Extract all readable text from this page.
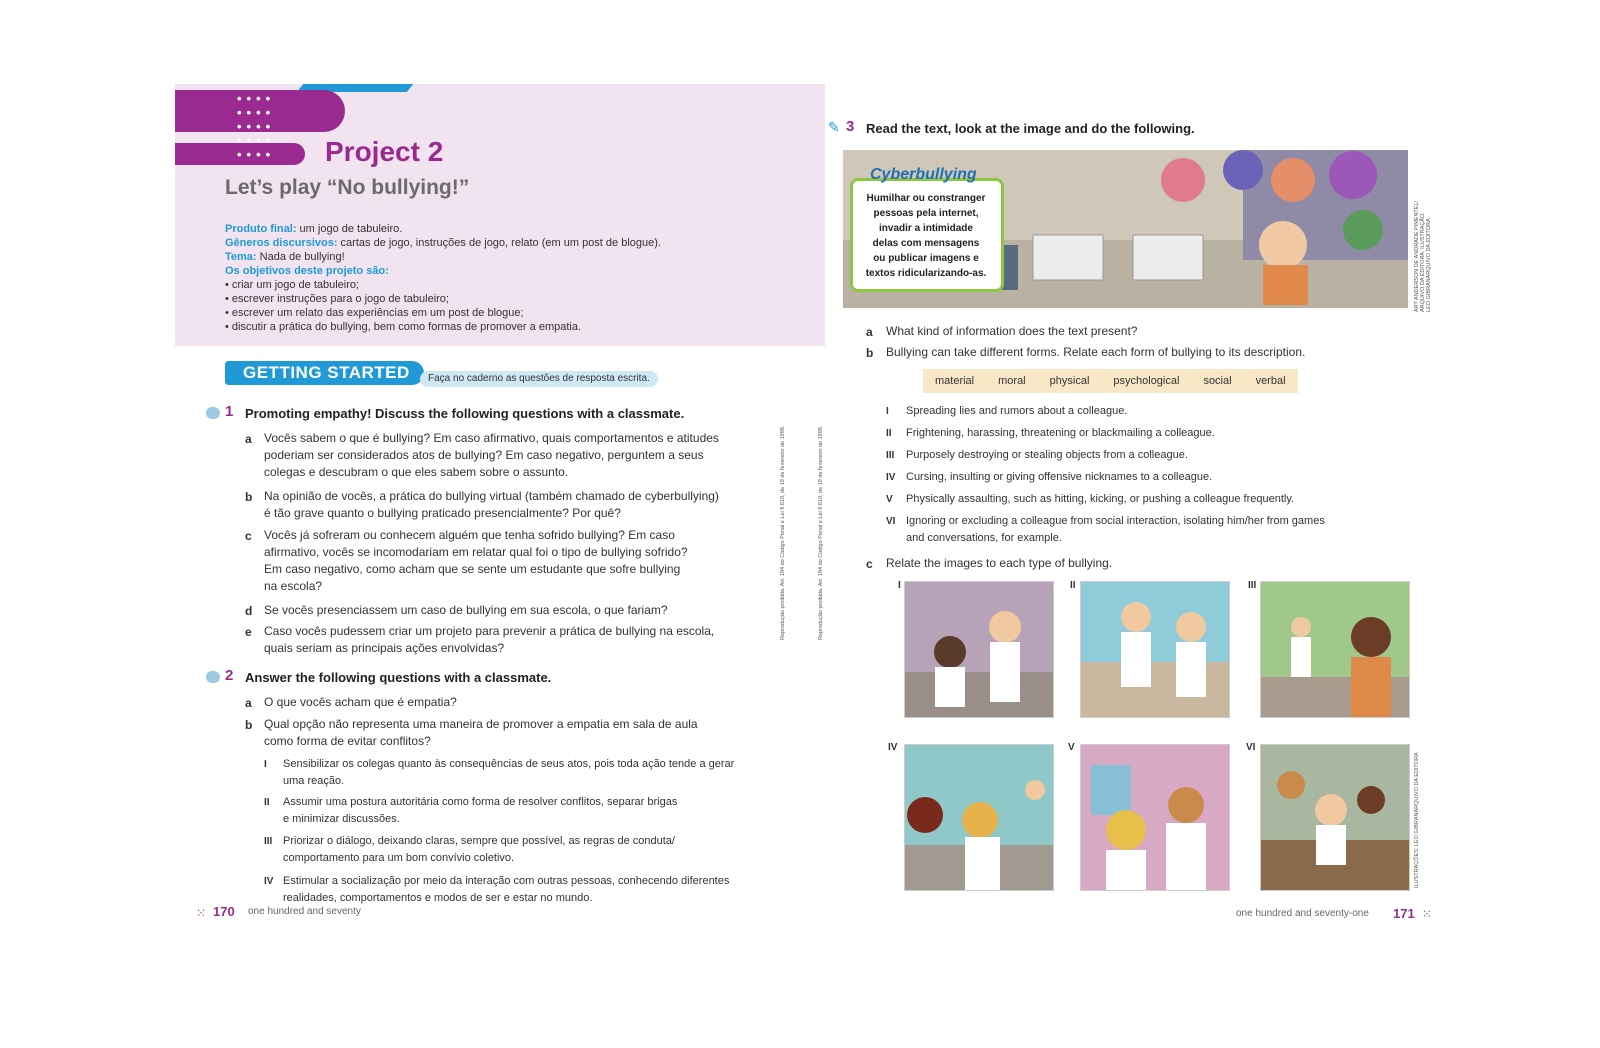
••••
••••
••••
••••
•••• Project 2
Let’s play “No bullying!”
Produto final: um jogo de tabuleiro.
Gêneros discursivos: cartas de jogo, instruções de jogo, relato (em um post de blogue).
Tema: Nada de bullying!
Os objetivos deste projeto são:
• criar um jogo de tabuleiro;
• escrever instruções para o jogo de tabuleiro;
• escrever um relato das experiências em um post de blogue;
• discutir a prática do bullying, bem como formas de promover a empatia.
GETTING STARTED	Faça no caderno as questões de resposta escrita.
1 Promoting empathy! Discuss the following questions with a classmate.
a Vocês sabem o que é bullying? Em caso afirmativo, quais comportamentos e atitudes
poderiam ser considerados atos de bullying? Em caso negativo, perguntem a seus
colegas e descubram o que eles sabem sobre o assunto.
b Na opinião de vocês, a prática do bullying virtual (também chamado de cyberbullying)
é tão grave quanto o bullying praticado presencialmente? Por quê?
c Vocês já sofreram ou conhecem alguém que tenha sofrido bullying? Em caso
afirmativo, vocês se incomodariam em relatar qual foi o tipo de bullying sofrido?
Em caso negativo, como acham que se sente um estudante que sofre bullying
na escola?
d Se vocês presenciassem um caso de bullying em sua escola, o que fariam?
e Caso vocês pudessem criar um projeto para prevenir a prática de bullying na escola,
quais seriam as principais ações envolvidas?
2 Answer the following questions with a classmate.
a O que vocês acham que é empatia?
b Qual opção não representa uma maneira de promover a empatia em sala de aula
como forma de evitar conflitos?
I Sensibilizar os colegas quanto às consequências de seus atos, pois toda ação tende a gerar
uma reação.
II Assumir uma postura autoritária como forma de resolver conflitos, separar brigas
e minimizar discussões.
III Priorizar o diálogo, deixando claras, sempre que possível, as regras de conduta/
comportamento para um bom convívio coletivo.
IV Estimular a socialização por meio da interação com outras pessoas, conhecendo diferentes
realidades, comportamentos e modos de ser e estar no mundo.
Reprodução proibida. Art. 184 do Código Penal e Lei 9.610, de 19 de fevereiro de 1998.	Reprodução proibida. Art. 184 do Código Penal e Lei 9.610, de 19 de fevereiro de 1998.
⁙ 170 one hundred and seventy
✎ 3 Read the text, look at the image and do the following.
Cyberbullying
Humilhar ou constranger
pessoas pela internet,
invadir a intimidade
delas com mensagens
ou publicar imagens e
textos ridicularizando-as.	ART ANDERSON DE ANDRADE PIMENTEL/ ARQUIVO DA EDITORA; ILUSTRAÇÃO: LEO GIBRANARQUIVO DA EDITORA
a What kind of information does the text present?
b Bullying can take different forms. Relate each form of bullying to its description.
material moral physical psychological social verbal
I Spreading lies and rumors about a colleague.
II Frightening, harassing, threatening or blackmailing a colleague.
III Purposely destroying or stealing objects from a colleague.
IV Cursing, insulting or giving offensive nicknames to a colleague.
V Physically assaulting, such as hitting, kicking, or pushing a colleague frequently.
VI Ignoring or excluding a colleague from social interaction, isolating him/her from games
and conversations, for example.
c Relate the images to each type of bullying.
I	II	III
IV	V	VI
ILUSTRAÇÕES: LEO GIBRANARQUIVO DA EDITORA
one hundred and seventy-one 171 ⁙
